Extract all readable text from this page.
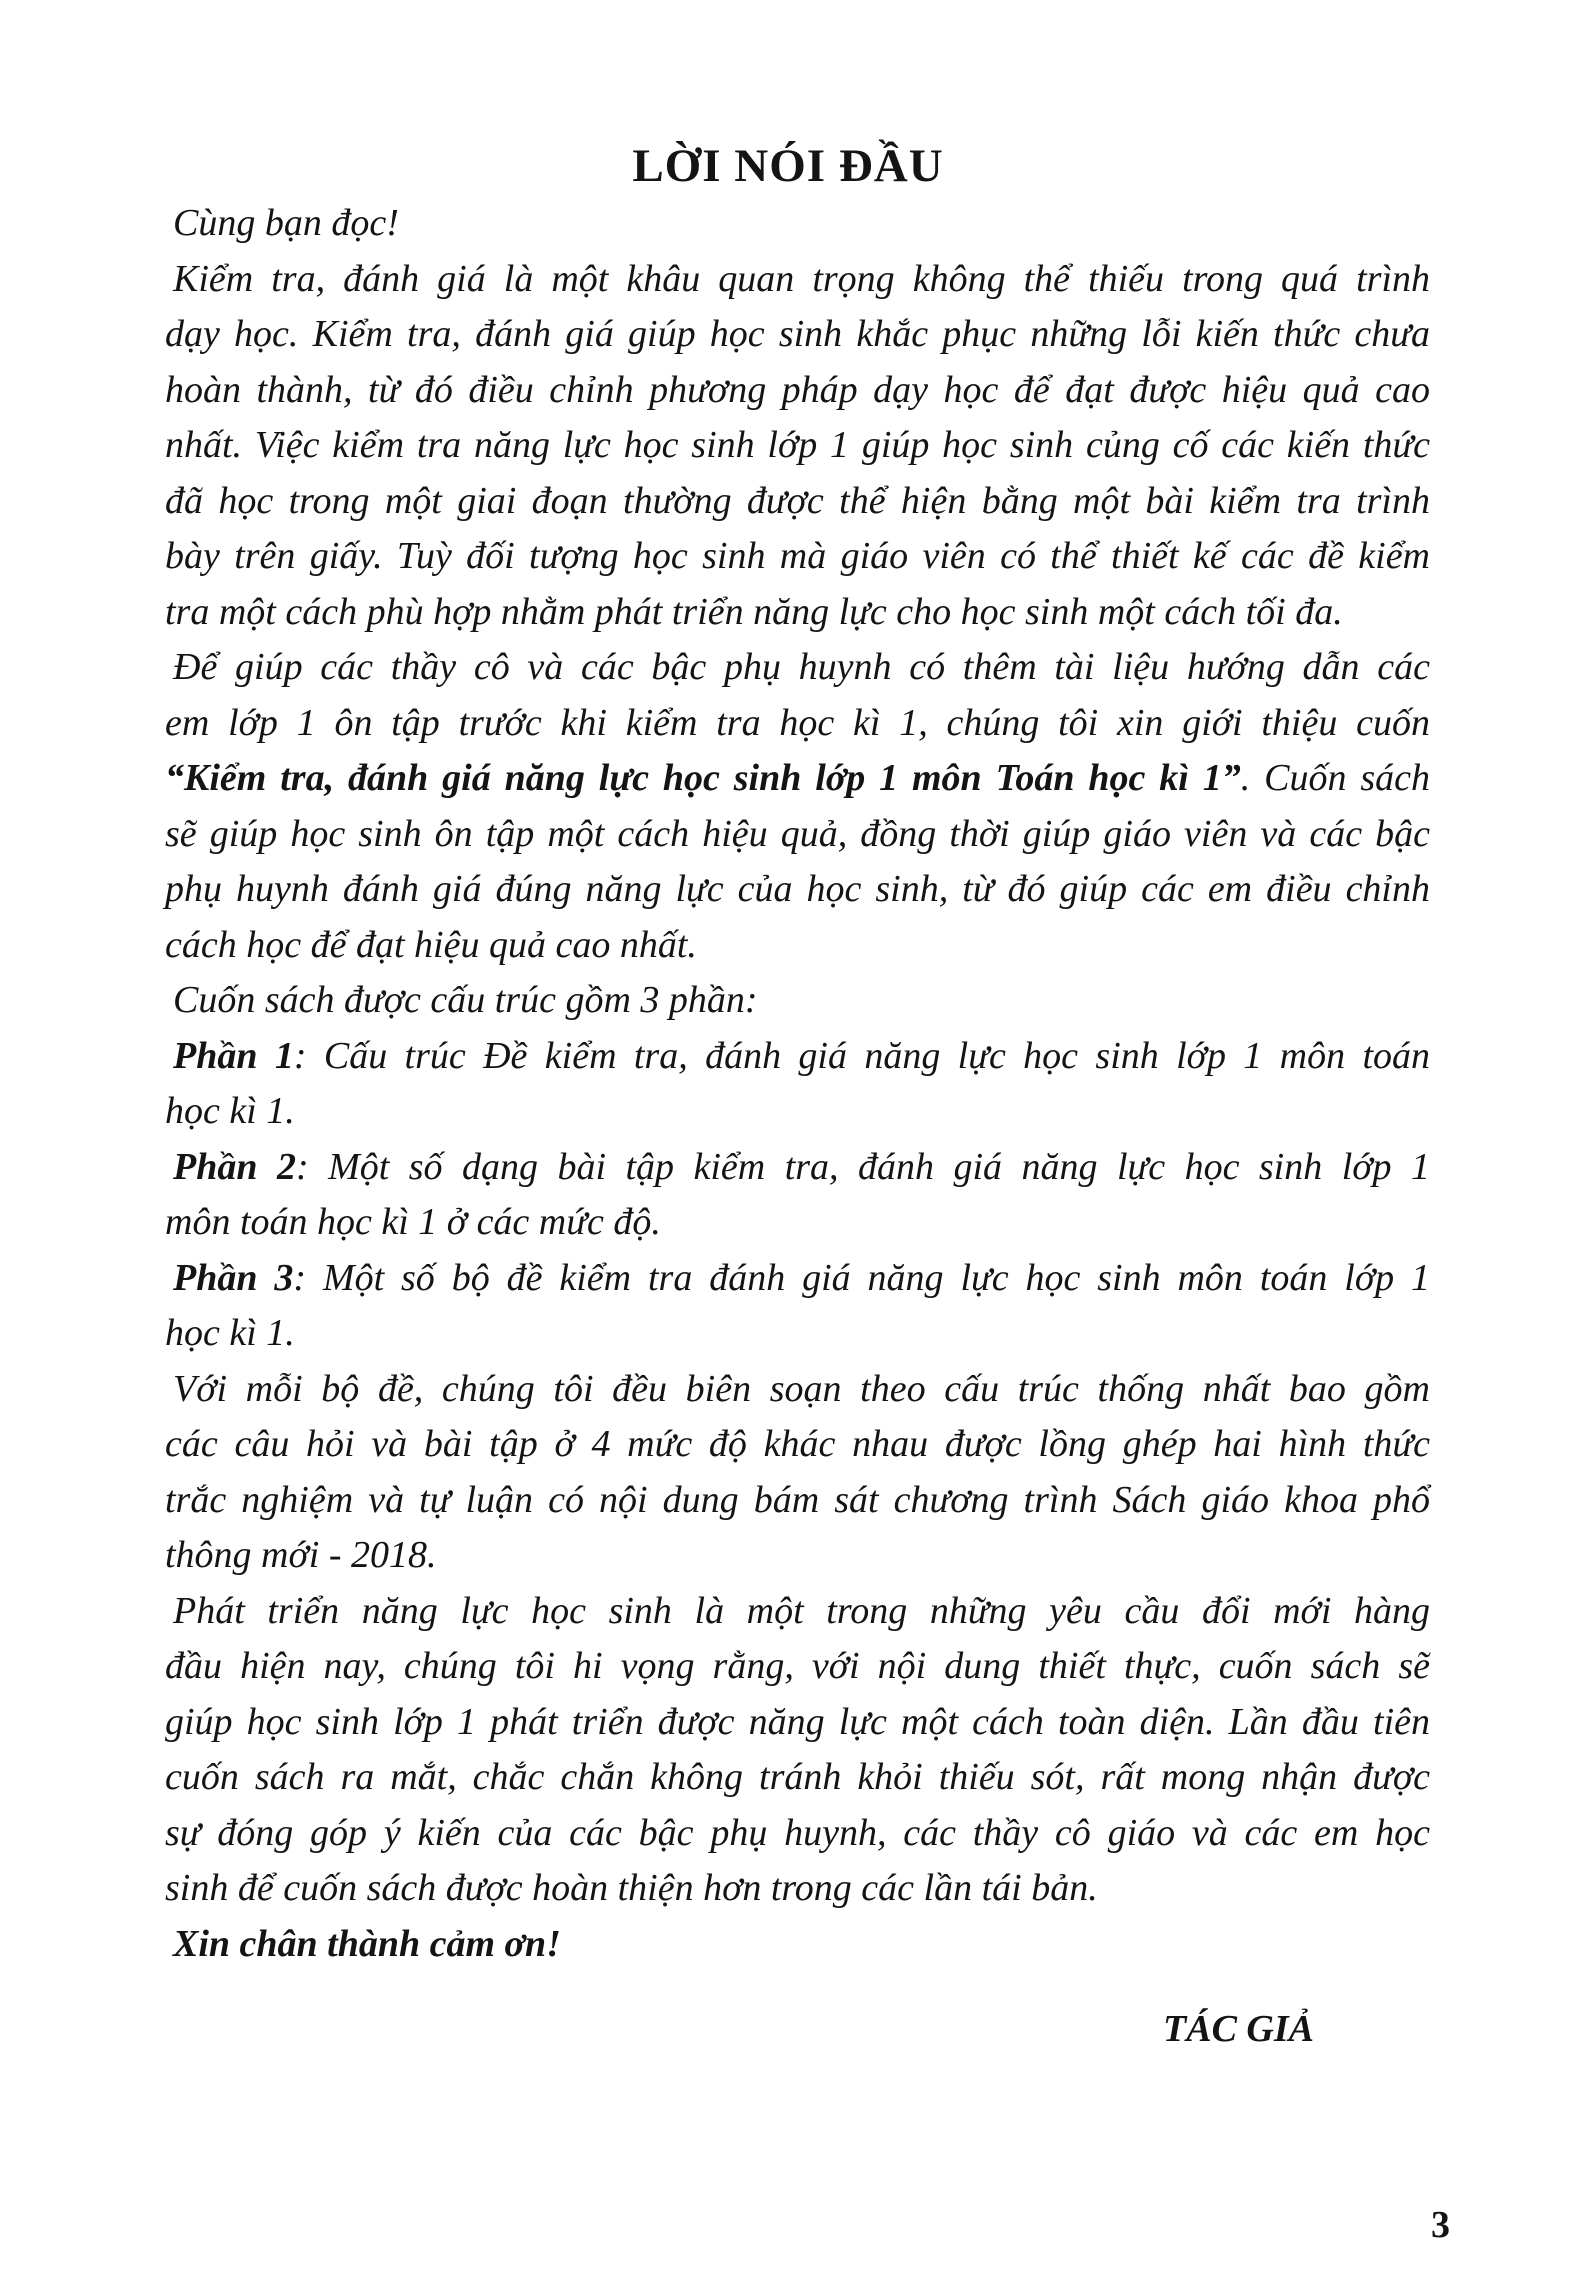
LỜI NÓI ĐẦU
Cùng bạn đọc!
Kiểm tra, đánh giá là một khâu quan trọng không thể thiếu trong quá trình
dạy học. Kiểm tra, đánh giá giúp học sinh khắc phục những lỗi kiến thức chưa
hoàn thành, từ đó điều chỉnh phương pháp dạy học để đạt được hiệu quả cao
nhất. Việc kiểm tra năng lực học sinh lớp 1 giúp học sinh củng cố các kiến thức
đã học trong một giai đoạn thường được thể hiện bằng một bài kiểm tra trình
bày trên giấy. Tuỳ đối tượng học sinh mà giáo viên có thể thiết kế các đề kiểm
tra một cách phù hợp nhằm phát triển năng lực cho học sinh một cách tối đa.
Để giúp các thầy cô và các bậc phụ huynh có thêm tài liệu hướng dẫn các
em lớp 1 ôn tập trước khi kiểm tra học kì 1, chúng tôi xin giới thiệu cuốn
“Kiểm tra, đánh giá năng lực học sinh lớp 1 môn Toán học kì 1”. Cuốn sách
sẽ giúp học sinh ôn tập một cách hiệu quả, đồng thời giúp giáo viên và các bậc
phụ huynh đánh giá đúng năng lực của học sinh, từ đó giúp các em điều chỉnh
cách học để đạt hiệu quả cao nhất.
Cuốn sách được cấu trúc gồm 3 phần:
Phần 1: Cấu trúc Đề kiểm tra, đánh giá năng lực học sinh lớp 1 môn toán
học kì 1.
Phần 2: Một số dạng bài tập kiểm tra, đánh giá năng lực học sinh lớp 1
môn toán học kì 1 ở các mức độ.
Phần 3: Một số bộ đề kiểm tra đánh giá năng lực học sinh môn toán lớp 1
học kì 1.
Với mỗi bộ đề, chúng tôi đều biên soạn theo cấu trúc thống nhất bao gồm
các câu hỏi và bài tập ở 4 mức độ khác nhau được lồng ghép hai hình thức
trắc nghiệm và tự luận có nội dung bám sát chương trình Sách giáo khoa phổ
thông mới - 2018.
Phát triển năng lực học sinh là một trong những yêu cầu đổi mới hàng
đầu hiện nay, chúng tôi hi vọng rằng, với nội dung thiết thực, cuốn sách sẽ
giúp học sinh lớp 1 phát triển được năng lực một cách toàn diện. Lần đầu tiên
cuốn sách ra mắt, chắc chắn không tránh khỏi thiếu sót, rất mong nhận được
sự đóng góp ý kiến của các bậc phụ huynh, các thầy cô giáo và các em học
sinh để cuốn sách được hoàn thiện hơn trong các lần tái bản.
Xin chân thành cảm ơn!
TÁC GIẢ
3
